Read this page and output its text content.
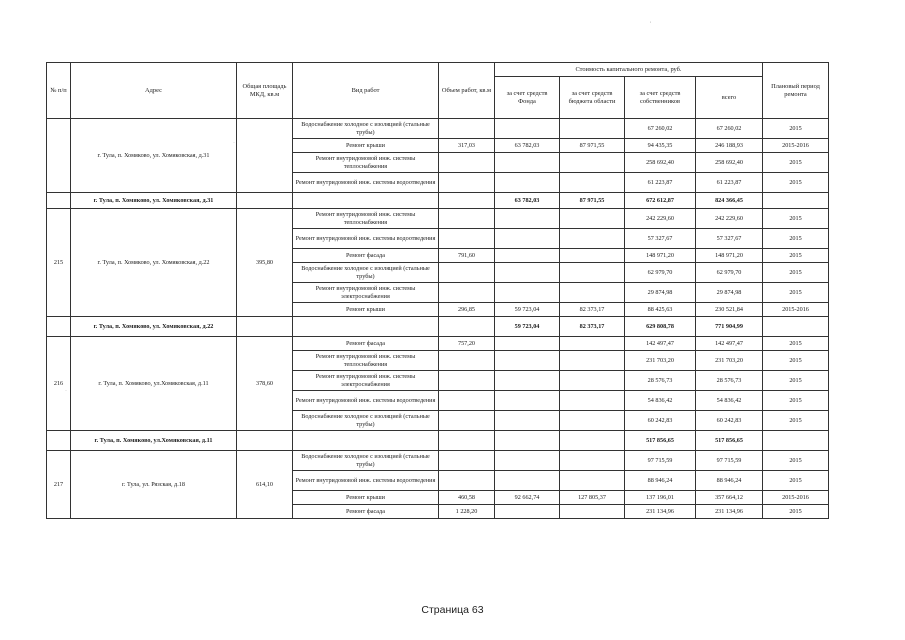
'
·
·
№ п/п	Адрес	Общая площадь МКД, кв.м	Вид работ	Объем работ, кв.м	Стоимость капитального ремонта, руб.				Плановый период ремонта
					за счет средств Фонда	за счет средств бюджета области	за счет средств собственников	всего	
	г. Тула, п. Хомяково, ул. Хомяковская, д.31		Водоснабжение холодное с изоляцией (стальные трубы)				67 260,02	67 260,02	2015
			Ремонт крыши	317,03	63 782,03	87 971,55	94 435,35	246 188,93	2015-2016
			Ремонт внутридомовой инж. системы теплоснабжения				258 692,40	258 692,40	2015
			Ремонт внутридомовой инж. системы водоотведения				61 223,87	61 223,87	2015
	г. Тула, п. Хомяково, ул. Хомяковская, д.31				63 782,03	87 971,55	672 612,87	824 366,45	
215	г. Тула, п. Хомяково, ул. Хомяковская, д.22	395,80	Ремонт внутридомовой инж. системы теплоснабжения				242 229,60	242 229,60	2015
			Ремонт внутридомовой инж. системы водоотведения				57 327,67	57 327,67	2015
			Ремонт фасада	791,60			148 971,20	148 971,20	2015
			Водоснабжение холодное с изоляцией (стальные трубы)				62 979,70	62 979,70	2015
			Ремонт внутридомовой инж. системы электроснабжения				29 874,98	29 874,98	2015
			Ремонт крыши	296,85	59 723,04	82 373,17	88 425,63	230 521,84	2015-2016
	г. Тула, п. Хомяково, ул. Хомяковская, д.22				59 723,04	82 373,17	629 808,78	771 904,99	
216	г. Тула, п. Хомяково, ул.Хомяковская, д.11	378,60	Ремонт фасада	757,20			142 497,47	142 497,47	2015
			Ремонт внутридомовой инж. системы теплоснабжения				231 703,20	231 703,20	2015
			Ремонт внутридомовой инж. системы электроснабжения				28 576,73	28 576,73	2015
			Ремонт внутридомовой инж. системы водоотведения				54 836,42	54 836,42	2015
			Водоснабжение холодное с изоляцией (стальные трубы)				60 242,83	60 242,83	2015
	г. Тула, п. Хомяково, ул.Хомяковская, д.11						517 856,65	517 856,65	
217	г. Тула, ул. Рязская, д.18	614,10	Водоснабжение холодное с изоляцией (стальные трубы)				97 715,59	97 715,59	2015
			Ремонт внутридомовой инж. системы водоотведения				88 946,24	88 946,24	2015
			Ремонт крыши	460,58	92 662,74	127 805,37	137 196,01	357 664,12	2015-2016
			Ремонт фасада	1 228,20			231 134,96	231 134,96	2015
Страница 63
